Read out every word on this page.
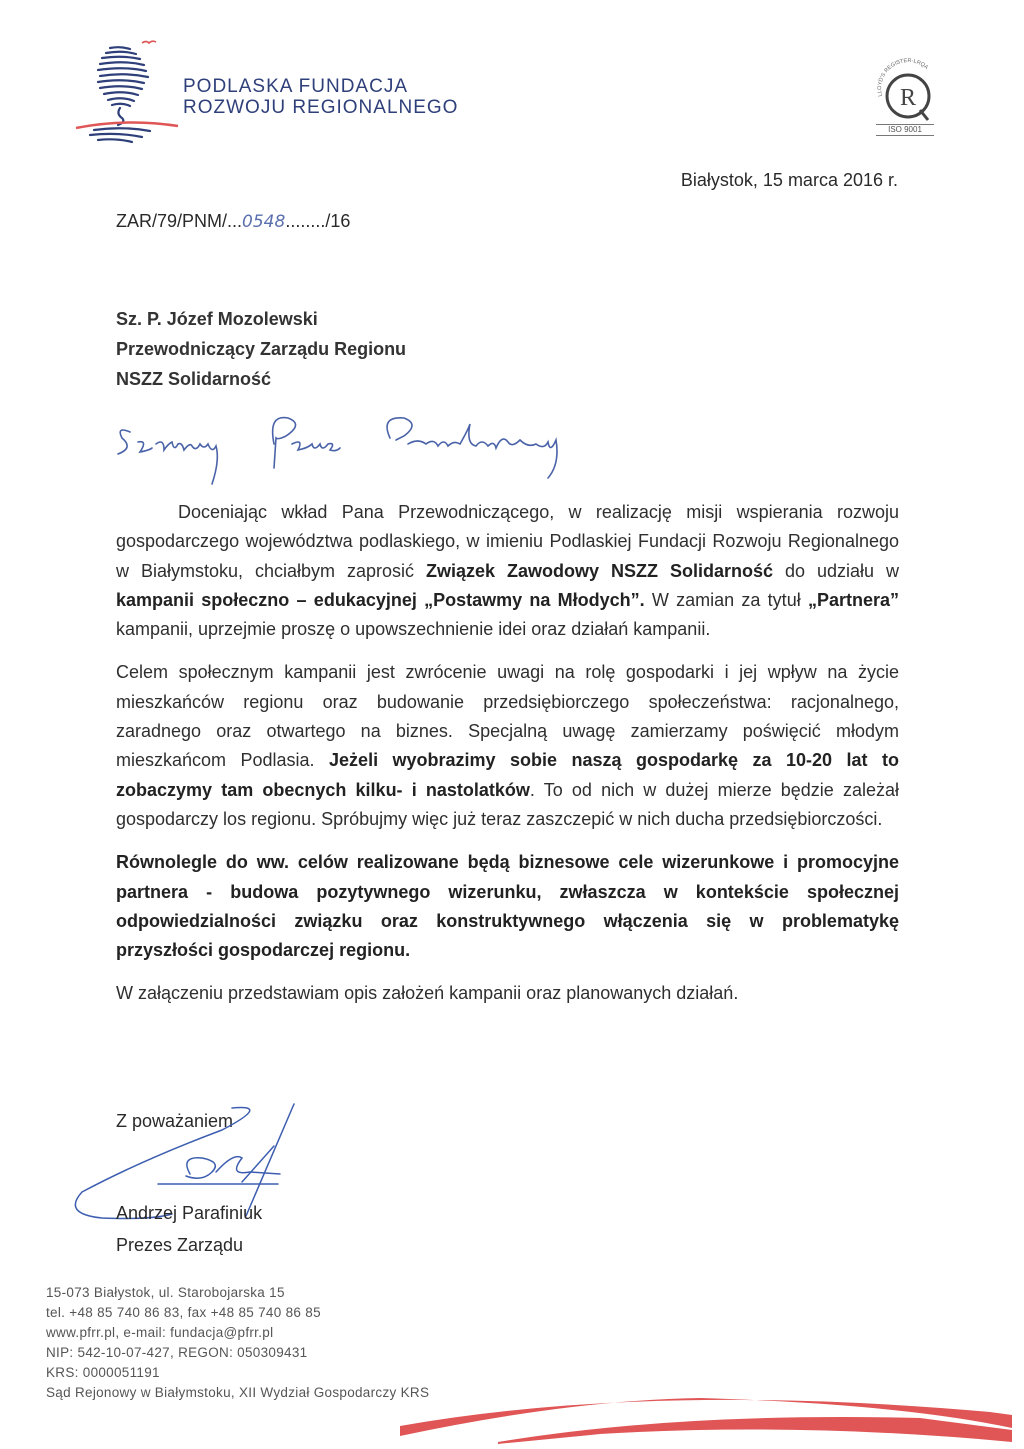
PODLASKA FUNDACJA
ROZWOJU REGIONALNEGO	R
LLOYD'S REGISTER-LRQA
ISO 9001
Białystok, 15 marca 2016 r.
ZAR/79/PNM/...0548......../16
Sz. P. Józef Mozolewski
Przewodniczący Zarządu Regionu
NSZZ Solidarność

Doceniając wkład Pana Przewodniczącego, w realizację misji wspierania rozwoju gospodarczego województwa podlaskiego, w imieniu Podlaskiej Fundacji Rozwoju Regionalnego w Białymstoku, chciałbym zaprosić Związek Zawodowy NSZZ Solidarność do udziału w kampanii społeczno – edukacyjnej „Postawmy na Młodych”. W zamian za tytuł „Partnera” kampanii, uprzejmie proszę o upowszechnienie idei oraz działań kampanii.

Celem społecznym kampanii jest zwrócenie uwagi na rolę gospodarki i jej wpływ na życie mieszkańców regionu oraz budowanie przedsiębiorczego społeczeństwa: racjonalnego, zaradnego oraz otwartego na biznes. Specjalną uwagę zamierzamy poświęcić młodym mieszkańcom Podlasia. Jeżeli wyobrazimy sobie naszą gospodarkę za 10-20 lat to zobaczymy tam obecnych kilku- i nastolatków. To od nich w dużej mierze będzie zależał gospodarczy los regionu. Spróbujmy więc już teraz zaszczepić w nich ducha przedsiębiorczości.

Równolegle do ww. celów realizowane będą biznesowe cele wizerunkowe i promocyjne partnera - budowa pozytywnego wizerunku, zwłaszcza w kontekście społecznej odpowiedzialności związku oraz konstruktywnego włączenia się w problematykę przyszłości gospodarczej regionu.

W załączeniu przedstawiam opis założeń kampanii oraz planowanych działań.

Z poważaniem
Andrzej Parafiniuk
Prezes Zarządu
15-073 Białystok, ul. Starobojarska 15
tel. +48 85 740 86 83, fax +48 85 740 86 85
www.pfrr.pl, e-mail: fundacja@pfrr.pl
NIP: 542-10-07-427, REGON: 050309431
KRS: 0000051191
Sąd Rejonowy w Białymstoku, XII Wydział Gospodarczy KRS
